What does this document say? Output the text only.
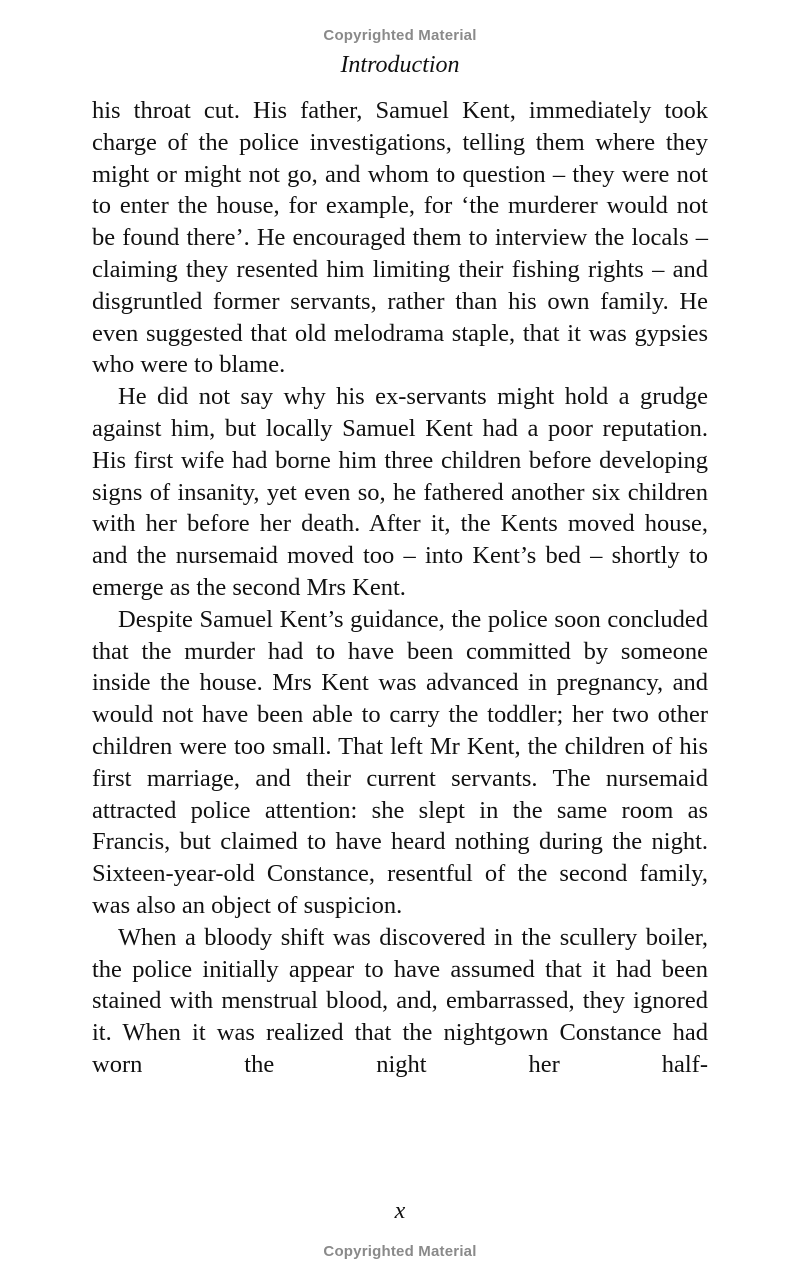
Copyrighted Material
Introduction

his throat cut. His father, Samuel Kent, immediately took charge of the police investigations, telling them where they might or might not go, and whom to question – they were not to enter the house, for example, for ‘the murderer would not be found there’. He encouraged them to interview the locals – claiming they resented him limiting their fishing rights – and disgruntled former servants, rather than his own family. He even suggested that old melodrama staple, that it was gypsies who were to blame.

He did not say why his ex-servants might hold a grudge against him, but locally Samuel Kent had a poor reputation. His first wife had borne him three children before developing signs of insanity, yet even so, he fathered another six children with her before her death. After it, the Kents moved house, and the nursemaid moved too – into Kent’s bed – shortly to emerge as the second Mrs Kent.

Despite Samuel Kent’s guidance, the police soon concluded that the murder had to have been committed by someone inside the house. Mrs Kent was advanced in pregnancy, and would not have been able to carry the toddler; her two other children were too small. That left Mr Kent, the children of his first marriage, and their current servants. The nursemaid attracted police attention: she slept in the same room as Francis, but claimed to have heard nothing during the night. Sixteen-year-old Constance, resentful of the second family, was also an object of suspicion.

When a bloody shift was discovered in the scullery boiler, the police initially appear to have assumed that it had been stained with menstrual blood, and, embarrassed, they ignored it. When it was realized that the nightgown Constance had worn the night her half-

x
Copyrighted Material
